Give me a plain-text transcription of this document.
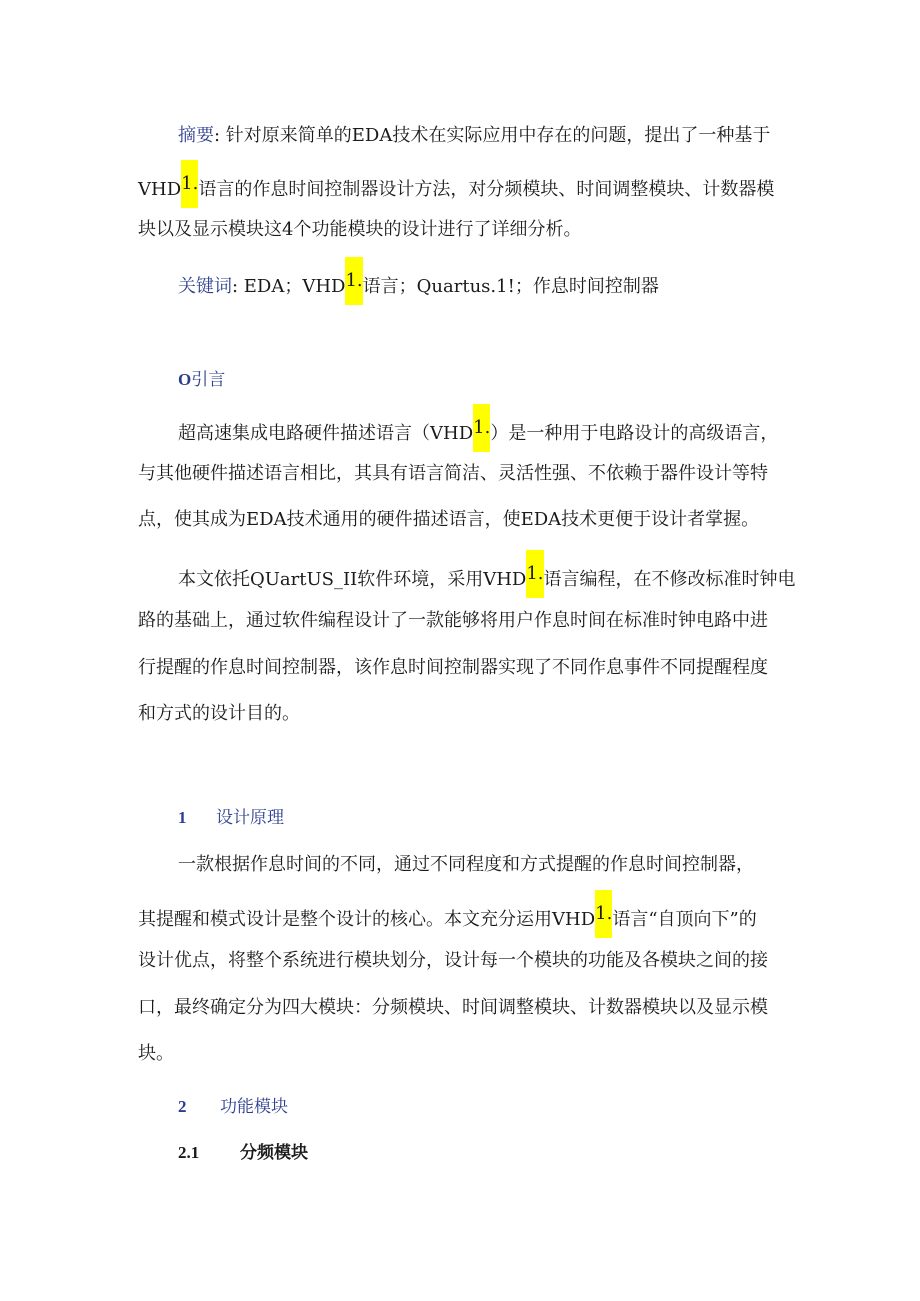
摘要: 针对原来简单的EDA技术在实际应用中存在的问题，提出了一种基于
VHD1.语言的作息时间控制器设计方法，对分频模块、时间调整模块、计数器模
块以及显示模块这4个功能模块的设计进行了详细分析。
关键词: EDA；VHD1.语言；Quartus.1!；作息时间控制器
O引言
超高速集成电路硬件描述语言（VHD1.）是一种用于电路设计的高级语言，
与其他硬件描述语言相比，其具有语言简洁、灵活性强、不依赖于器件设计等特
点，使其成为EDA技术通用的硬件描述语言，使EDA技术更便于设计者掌握。
本文依托QUartUS_II软件环境，采用VHD1.语言编程，在不修改标准时钟电
路的基础上，通过软件编程设计了一款能够将用户作息时间在标准时钟电路中进
行提醒的作息时间控制器，该作息时间控制器实现了不同作息事件不同提醒程度
和方式的设计目的。
1 设计原理
一款根据作息时间的不同，通过不同程度和方式提醒的作息时间控制器，
其提醒和模式设计是整个设计的核心。本文充分运用VHD1.语言“自顶向下”的
设计优点，将整个系统进行模块划分，设计每一个模块的功能及各模块之间的接
口，最终确定分为四大模块：分频模块、时间调整模块、计数器模块以及显示模
块。
2 功能模块
2.1 分频模块
